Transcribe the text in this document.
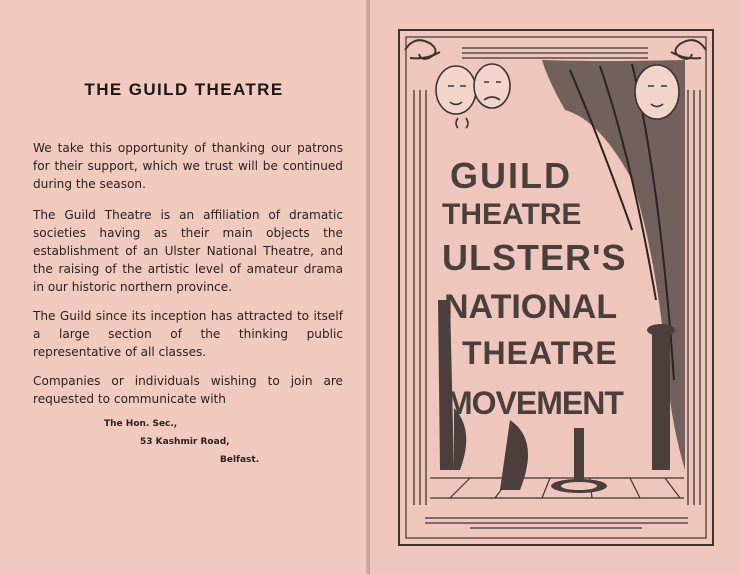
THE GUILD THEATRE

We take this opportunity of thanking our patrons for their support, which we trust will be continued during the season.

The Guild Theatre is an affiliation of dramatic societies having as their main objects the establishment of an Ulster National Theatre, and the raising of the artistic level of amateur drama in our historic northern province.

The Guild since its inception has attracted to itself a large section of the thinking public representative of all classes.

Companies or individuals wishing to join are requested to communicate with

The Hon. Sec.,
53 Kashmir Road,
Belfast.
GUILD
THEATRE
ULSTER'S
NATIONAL
THEATRE
MOVEMENT
